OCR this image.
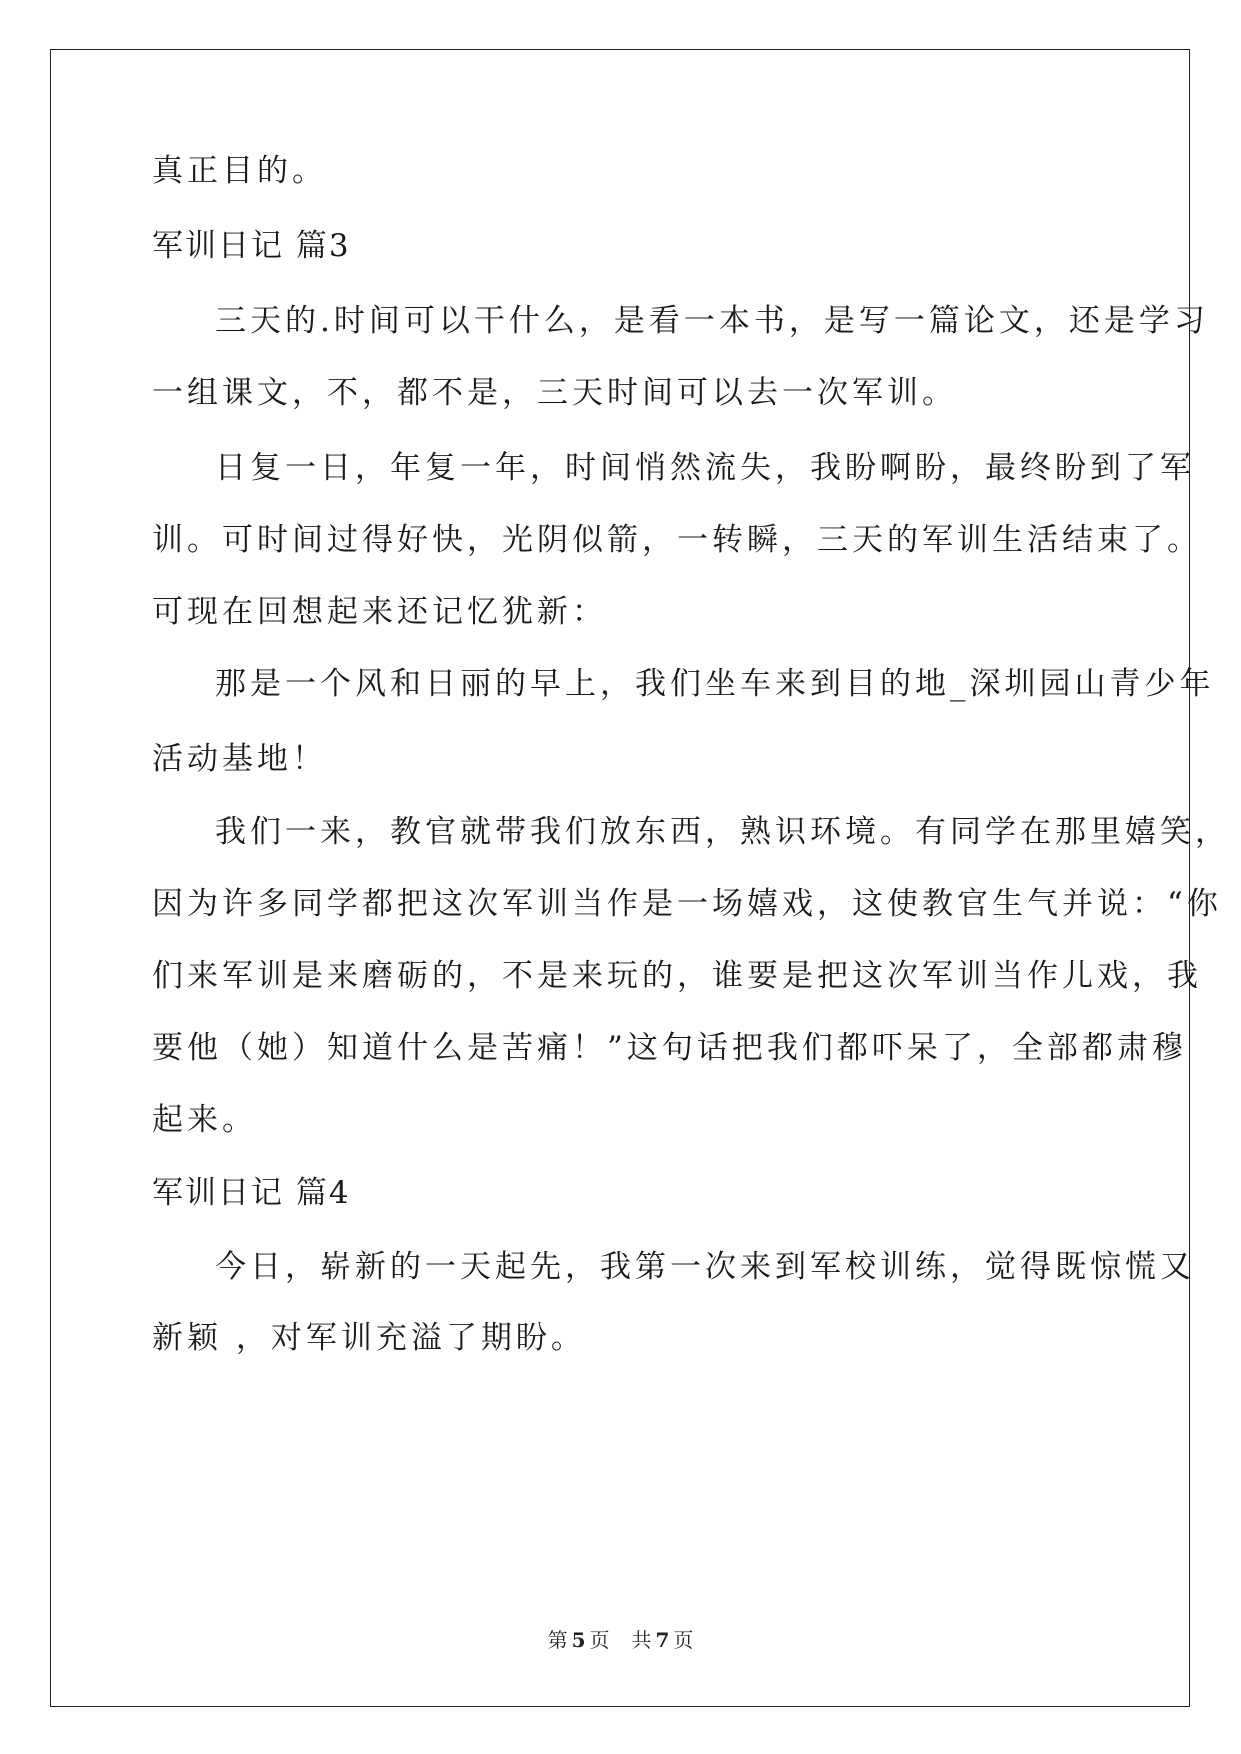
真正目的。

军训日记 篇3

三天的.时间可以干什么，是看一本书，是写一篇论文，还是学习

一组课文，不，都不是，三天时间可以去一次军训。

日复一日，年复一年，时间悄然流失，我盼啊盼，最终盼到了军

训。可时间过得好快，光阴似箭，一转瞬，三天的军训生活结束了。

可现在回想起来还记忆犹新：

那是一个风和日丽的早上，我们坐车来到目的地_深圳园山青少年

活动基地！

我们一来，教官就带我们放东西，熟识环境。有同学在那里嬉笑，

因为许多同学都把这次军训当作是一场嬉戏，这使教官生气并说：“你

们来军训是来磨砺的，不是来玩的，谁要是把这次军训当作儿戏，我

要他（她）知道什么是苦痛！”这句话把我们都吓呆了，全部都肃穆

起来。

军训日记 篇4

今日，崭新的一天起先，我第一次来到军校训练，觉得既惊慌又

新颖 ，对军训充溢了期盼。

第 5 页 共 7 页
